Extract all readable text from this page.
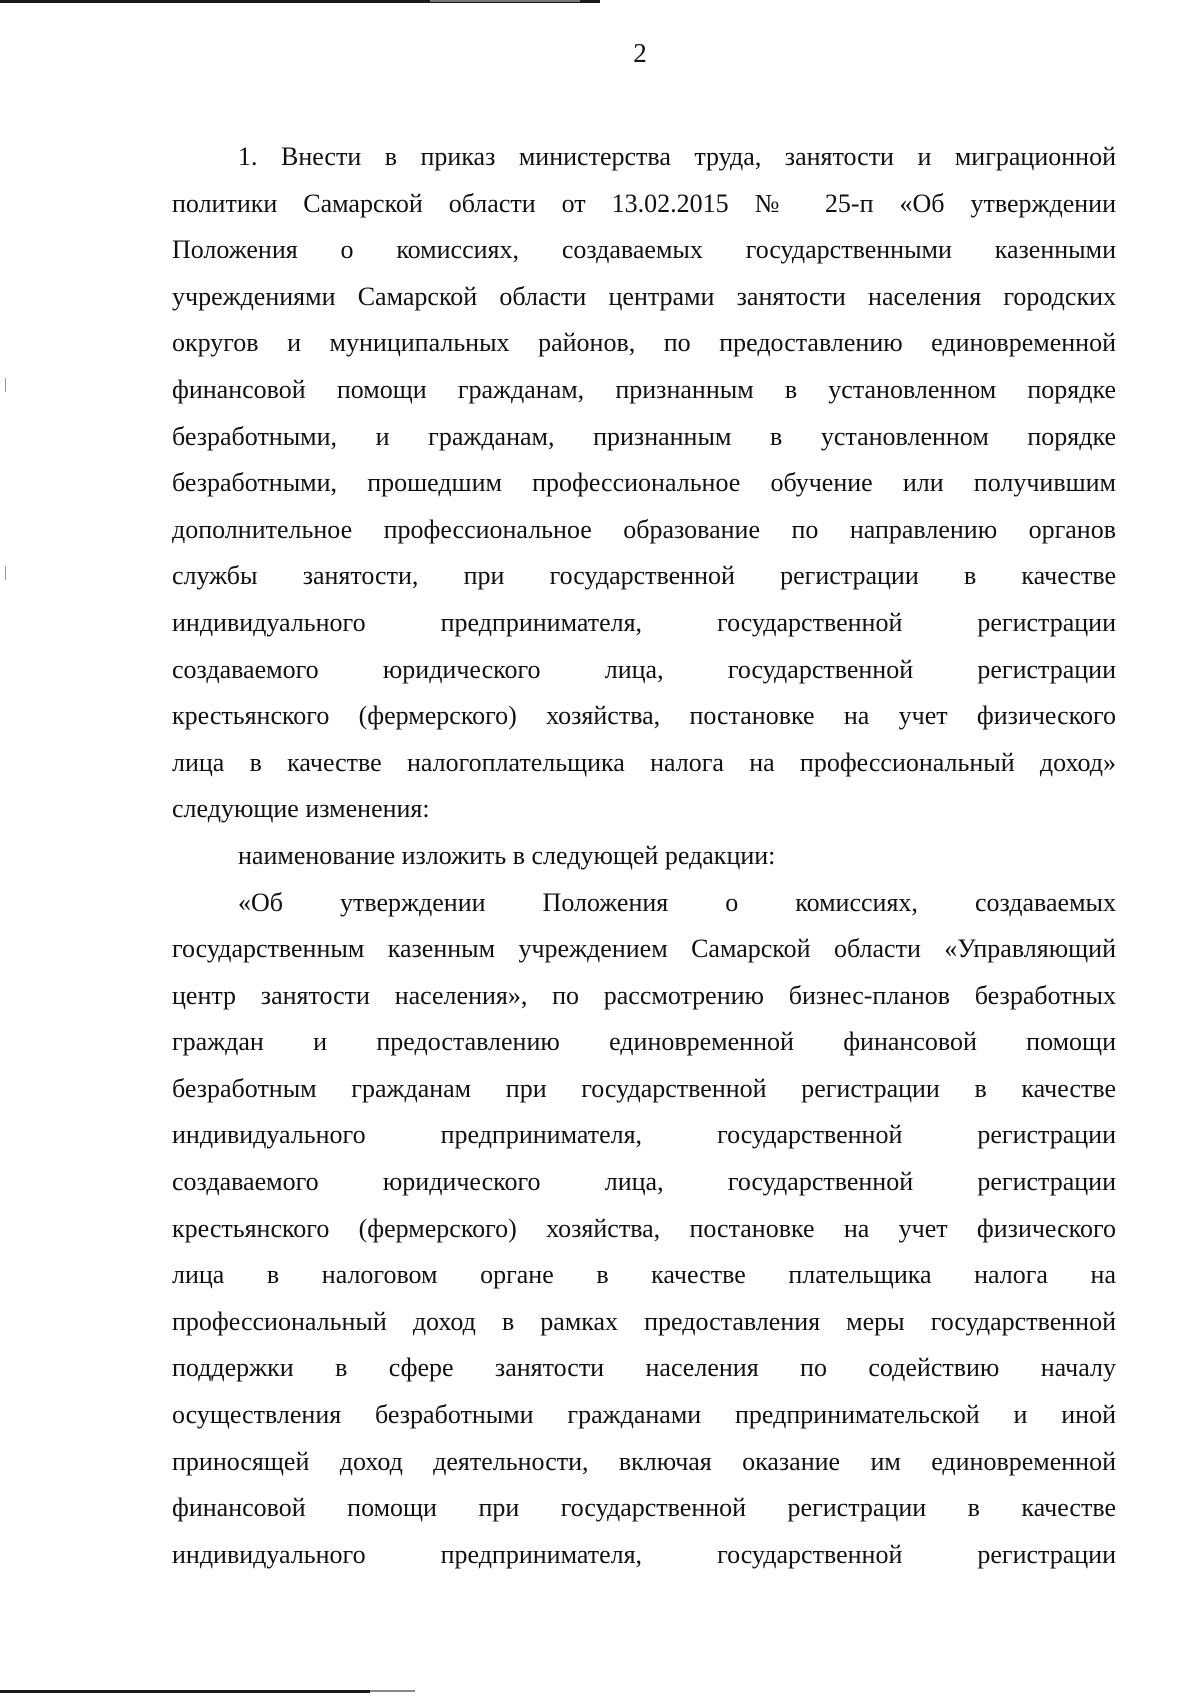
2
1. Внести в приказ министерства труда, занятости и миграционной
политики Самарской области от 13.02.2015 № 25-п «Об утверждении
Положения о комиссиях, создаваемых государственными казенными
учреждениями Самарской области центрами занятости населения городских
округов и муниципальных районов, по предоставлению единовременной
финансовой помощи гражданам, признанным в установленном порядке
безработными, и гражданам, признанным в установленном порядке
безработными, прошедшим профессиональное обучение или получившим
дополнительное профессиональное образование по направлению органов
службы занятости, при государственной регистрации в качестве
индивидуального предпринимателя, государственной регистрации
создаваемого юридического лица, государственной регистрации
крестьянского (фермерского) хозяйства, постановке на учет физического
лица в качестве налогоплательщика налога на профессиональный доход»
следующие изменения:
наименование изложить в следующей редакции:
«Об утверждении Положения о комиссиях, создаваемых
государственным казенным учреждением Самарской области «Управляющий
центр занятости населения», по рассмотрению бизнес-планов безработных
граждан и предоставлению единовременной финансовой помощи
безработным гражданам при государственной регистрации в качестве
индивидуального предпринимателя, государственной регистрации
создаваемого юридического лица, государственной регистрации
крестьянского (фермерского) хозяйства, постановке на учет физического
лица в налоговом органе в качестве плательщика налога на
профессиональный доход в рамках предоставления меры государственной
поддержки в сфере занятости населения по содействию началу
осуществления безработными гражданами предпринимательской и иной
приносящей доход деятельности, включая оказание им единовременной
финансовой помощи при государственной регистрации в качестве
индивидуального предпринимателя, государственной регистрации
